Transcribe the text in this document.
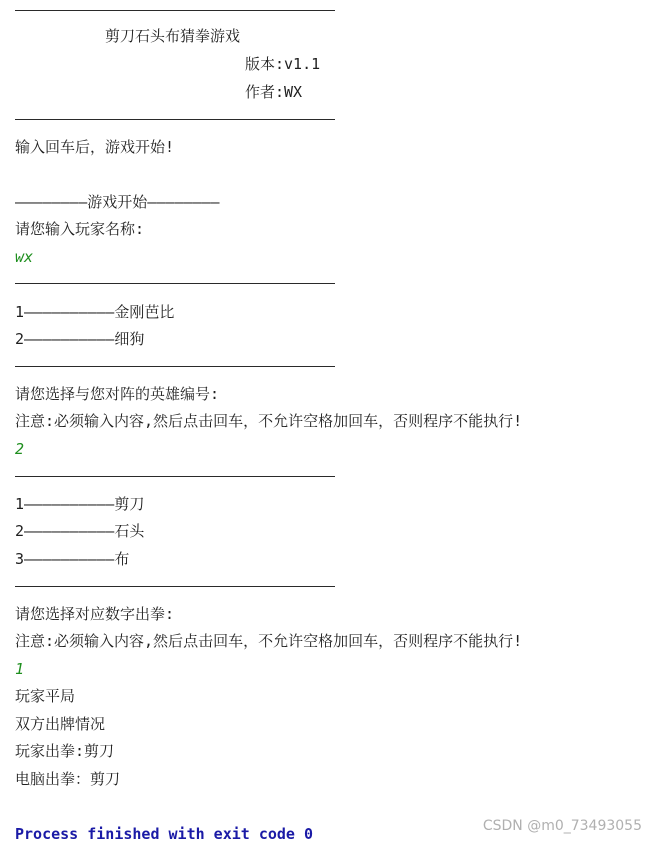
剪刀石头布猜拳游戏
版本:v1.1
作者:WX
输入回车后，游戏开始!
————————游戏开始————————
请您输入玩家名称:
wx
1——————————金刚芭比
2——————————细狗
请您选择与您对阵的英雄编号:
注意:必须输入内容,然后点击回车，不允许空格加回车，否则程序不能执行!
2
1——————————剪刀
2——————————石头
3——————————布
请您选择对应数字出拳:
注意:必须输入内容,然后点击回车，不允许空格加回车，否则程序不能执行!
1
玩家平局
双方出牌情况
玩家出拳:剪刀
电脑出拳：剪刀
Process finished with exit code 0	CSDN @m0_73493055
